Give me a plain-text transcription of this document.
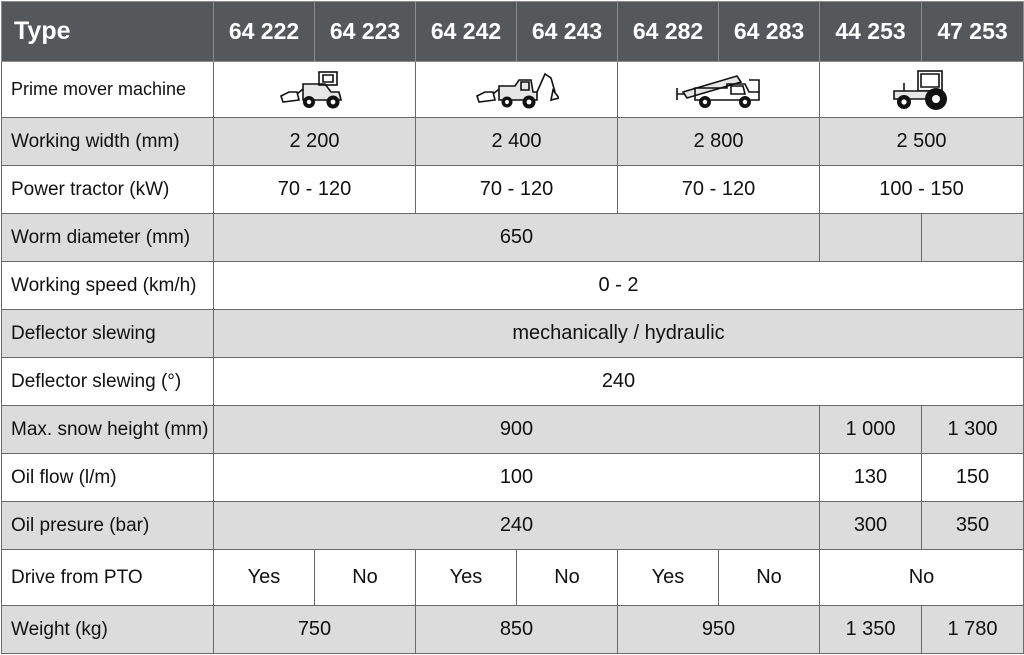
Type	64 222	64 223	64 242	64 243	64 282	64 283	44 253	47 253
Prime mover machine	

Working width (mm)	2 200		2 400		2 800		2 500	
Power tractor (kW)	70 - 120		70 - 120		70 - 120		100 - 150	
Worm diameter (mm)	650							
Working speed (km/h)	0 - 2							
Deflector slewing	mechanically / hydraulic							
Deflector slewing (°)	240							
Max. snow height (mm)	900						1 000	1 300
Oil flow (l/m)	100						130	150
Oil presure (bar)	240						300	350
Drive from PTO	Yes	No	Yes	No	Yes	No	No	
Weight (kg)	750		850		950		1 350	1 780
